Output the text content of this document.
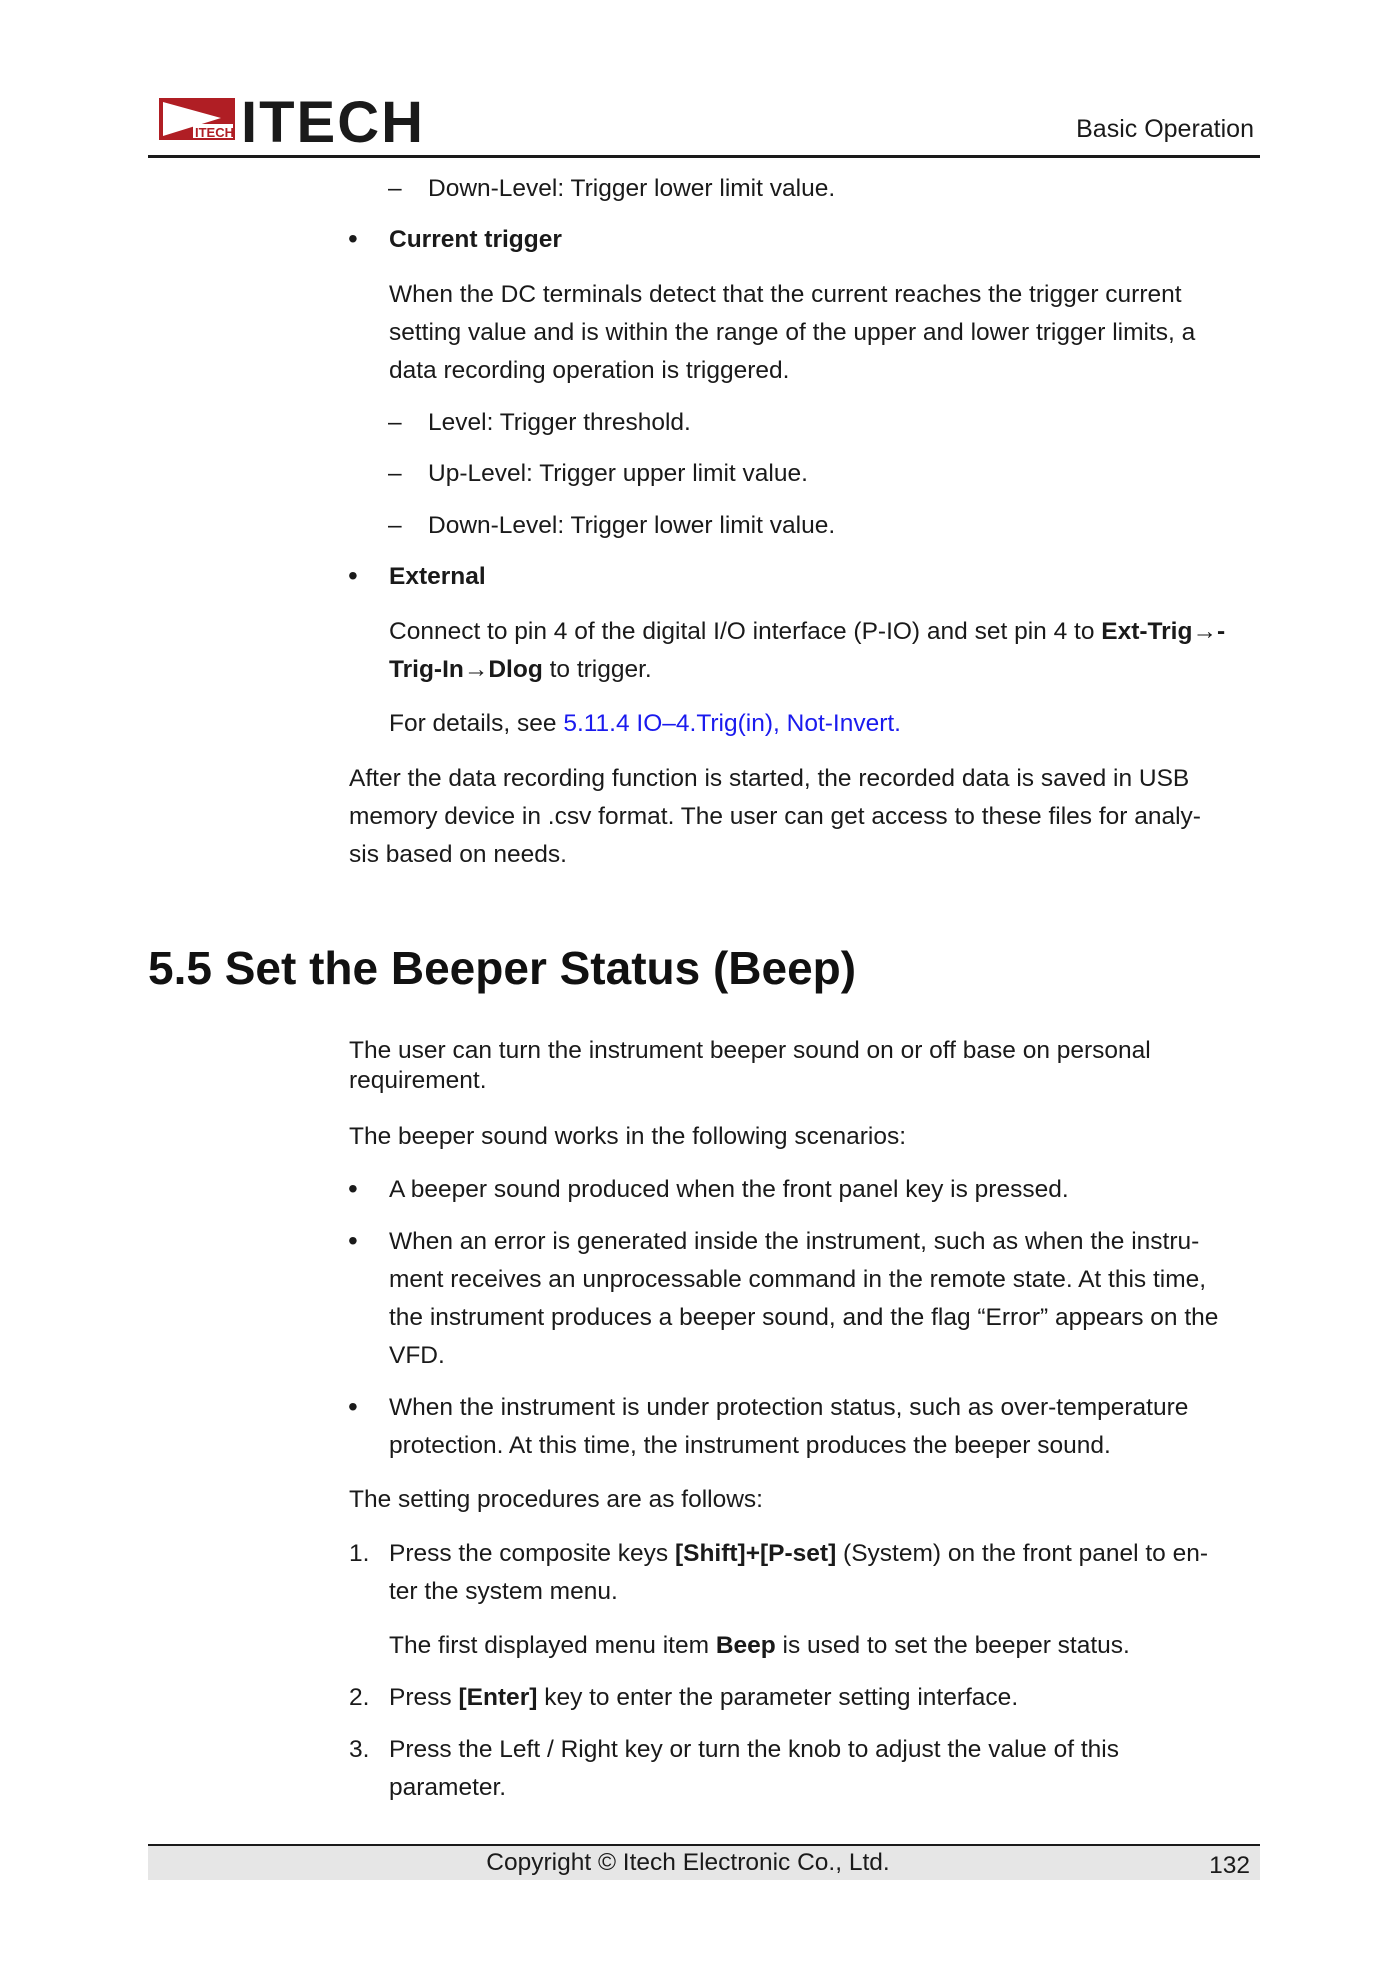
ITECH ITECH	Basic Operation
– Down-Level: Trigger lower limit value.
• Current trigger
When the DC terminals detect that the current reaches the trigger current
setting value and is within the range of the upper and lower trigger limits, a
data recording operation is triggered.
– Level: Trigger threshold.
– Up-Level: Trigger upper limit value.
– Down-Level: Trigger lower limit value.
• External
Connect to pin 4 of the digital I/O interface (P-IO) and set pin 4 to Ext-Trig→-
Trig-In→Dlog to trigger.
For details, see 5.11.4 IO–4.Trig(in), Not-Invert.
After the data recording function is started, the recorded data is saved in USB
memory device in .csv format. The user can get access to these files for analy-
sis based on needs.
5.5 Set the Beeper Status (Beep)
The user can turn the instrument beeper sound on or off base on personal
requirement.
The beeper sound works in the following scenarios:
• A beeper sound produced when the front panel key is pressed.
• When an error is generated inside the instrument, such as when the instru-
ment receives an unprocessable command in the remote state. At this time,
the instrument produces a beeper sound, and the flag “Error” appears on the
VFD.
• When the instrument is under protection status, such as over-temperature
protection. At this time, the instrument produces the beeper sound.
The setting procedures are as follows:
1. Press the composite keys [Shift]+[P-set] (System) on the front panel to en-
ter the system menu.
The first displayed menu item Beep is used to set the beeper status.
2. Press [Enter] key to enter the parameter setting interface.
3. Press the Left / Right key or turn the knob to adjust the value of this
parameter.
Copyright © Itech Electronic Co., Ltd.	132
